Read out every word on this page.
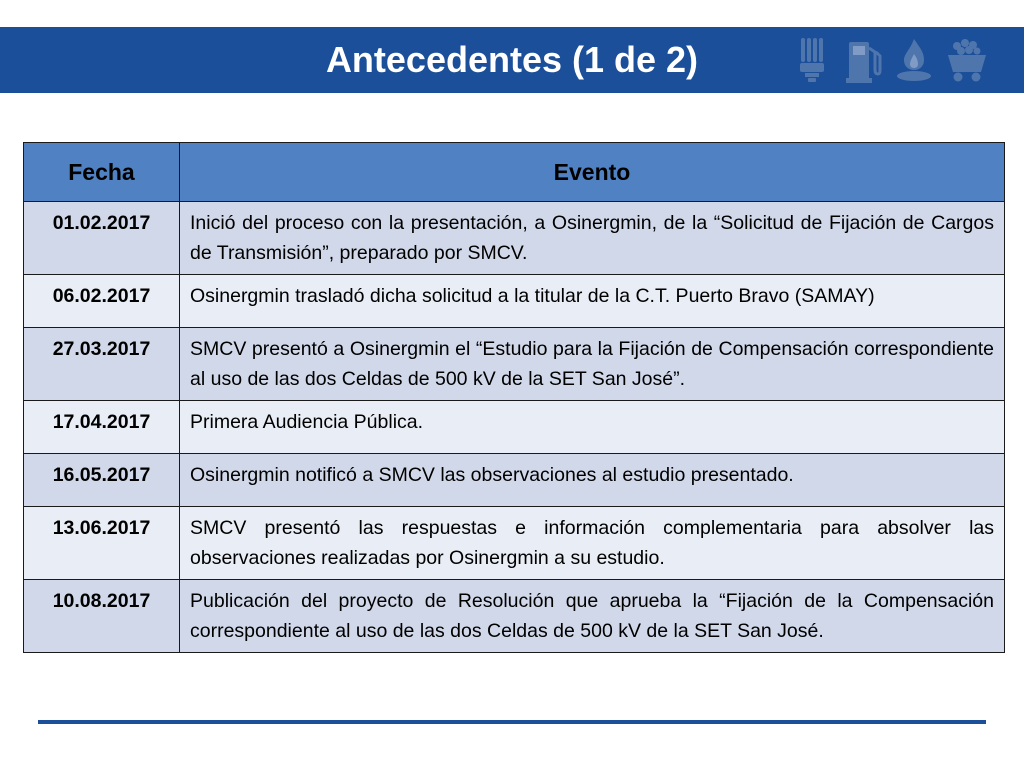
Antecedentes (1 de 2)
Fecha	Evento
01.02.2017	Inició del proceso con la presentación, a Osinergmin, de la “Solicitud de Fijación de Cargos de Transmisión”, preparado por SMCV.
06.02.2017	Osinergmin trasladó dicha solicitud a la titular de la C.T. Puerto Bravo (SAMAY)
27.03.2017	SMCV presentó a Osinergmin el “Estudio para la Fijación de Compensación correspondiente al uso de las dos Celdas de 500 kV de la SET San José”.
17.04.2017	Primera Audiencia Pública.
16.05.2017	Osinergmin notificó a SMCV las observaciones al estudio presentado.
13.06.2017	SMCV presentó las respuestas e información complementaria para absolver las observaciones realizadas por Osinergmin a su estudio.
10.08.2017	Publicación del proyecto de Resolución que aprueba la “Fijación de la Compensación correspondiente al uso de las dos Celdas de 500 kV de la SET San José.
